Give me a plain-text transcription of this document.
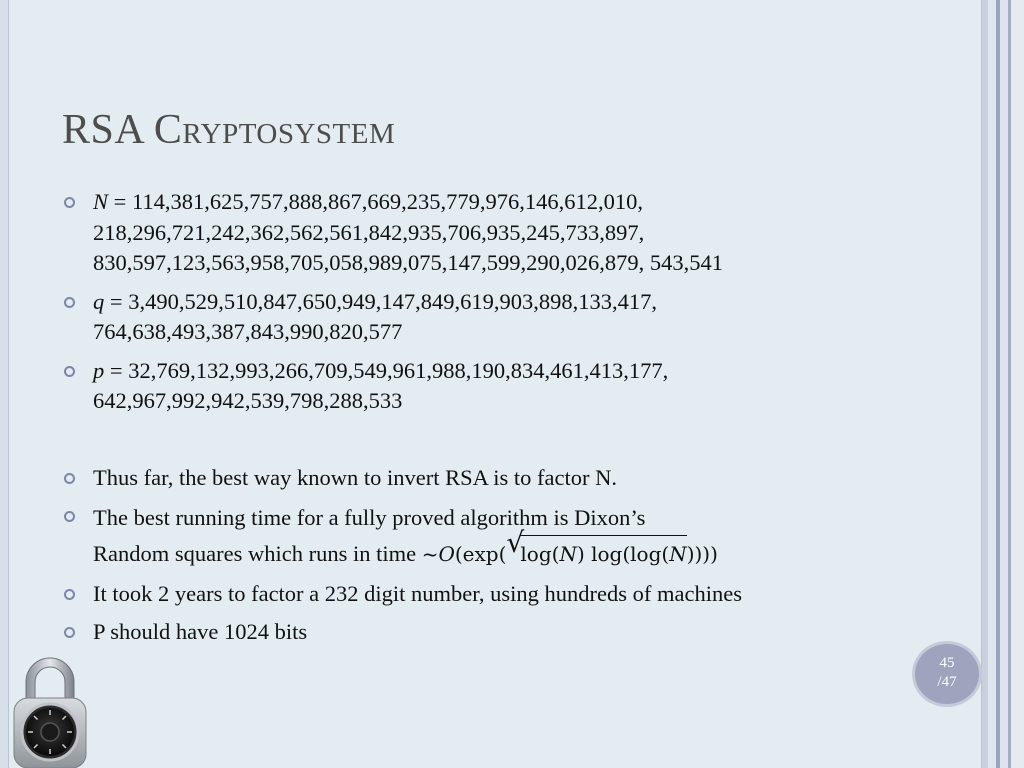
RSA Cryptosystem
N = 114,381,625,757,888,867,669,235,779,976,146,612,010, 218,296,721,242,362,562,561,842,935,706,935,245,733,897, 830,597,123,563,958,705,058,989,075,147,599,290,026,879, 543,541
q = 3,490,529,510,847,650,949,147,849,619,903,898,133,417, 764,638,493,387,843,990,820,577
p = 32,769,132,993,266,709,549,961,988,190,834,461,413,177, 642,967,992,942,539,798,288,533
Thus far, the best way known to invert RSA is to factor N.
The best running time for a fully proved algorithm is Dixon’s
Random squares which runs in time ~O(exp( √
log(N) log(log(N))))
It took 2 years to factor a 232 digit number, using hundreds of machines
P should have 1024 bits
45
/47
